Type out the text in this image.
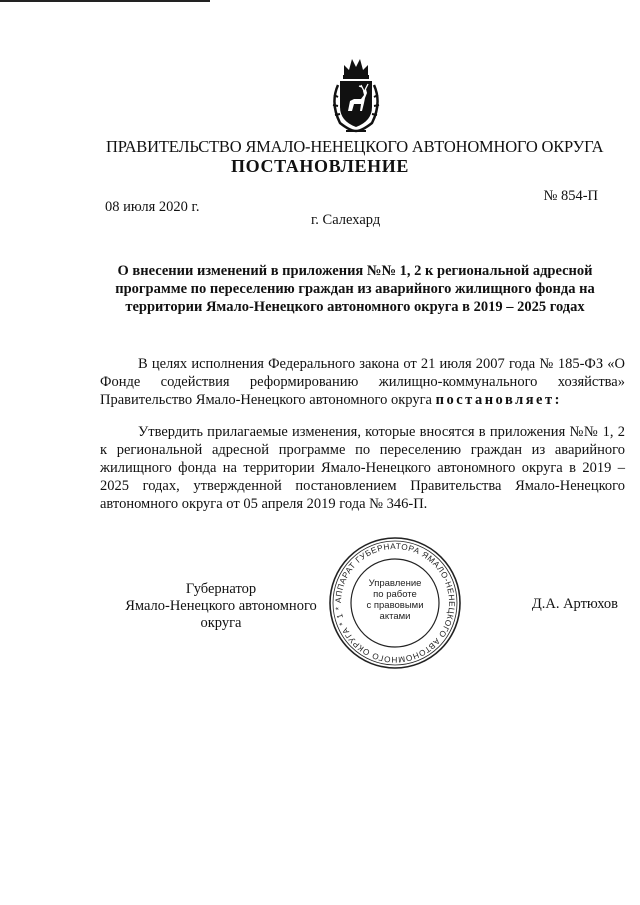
ПРАВИТЕЛЬСТВО ЯМАЛО-НЕНЕЦКОГО АВТОНОМНОГО ОКРУГА
ПОСТАНОВЛЕНИЕ
08 июля 2020 г.
№ 854-П
г. Салехард
О внесении изменений в приложения №№ 1, 2 к региональной адресной программе по переселению граждан из аварийного жилищного фонда на территории Ямало-Ненецкого автономного округа в 2019 – 2025 годах
В целях исполнения Федерального закона от 21 июля 2007 года № 185-ФЗ «О Фонде содействия реформированию жилищно-коммунального хозяйства» Правительство Ямало-Ненецкого автономного округа постановляет:
Утвердить прилагаемые изменения, которые вносятся в приложения №№ 1, 2 к региональной адресной программе по переселению граждан из аварийного жилищного фонда на территории Ямало-Ненецкого автономного округа в 2019 – 2025 годах, утвержденной постановлением Правительства Ямало-Ненецкого автономного округа от 05 апреля 2019 года № 346-П.
Губернатор
Ямало-Ненецкого автономного округа
Д.А. Артюхов
АППАРАТ ГУБЕРНАТОРА ЯМАЛО-НЕНЕЦКОГО АВТОНОМНОГО ОКРУГА * 1 *
Управление
по работе
с правовыми
актами
